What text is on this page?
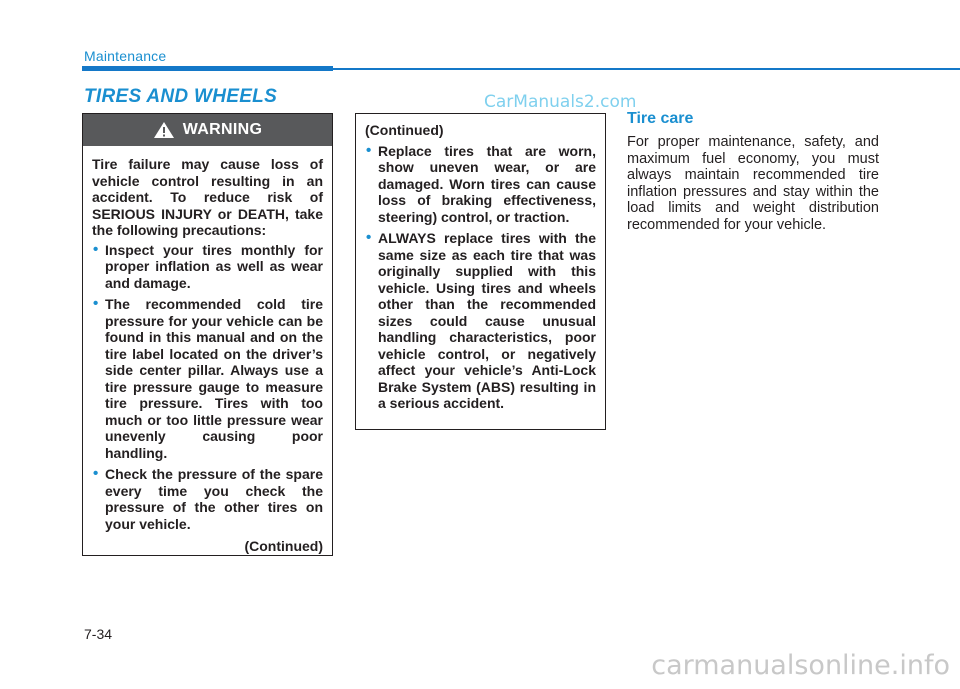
Maintenance
TIRES AND WHEELS	CarManuals2.com
WARNING

Tire failure may cause loss of vehicle control resulting in an accident. To reduce risk of SERIOUS INJURY or DEATH, take the following precautions:

• Inspect your tires monthly for proper inflation as well as wear and damage.
• The recommended cold tire pressure for your vehicle can be found in this manual and on the tire label located on the driver’s side center pillar. Always use a tire pressure gauge to measure tire pressure. Tires with too much or too little pressure wear unevenly causing poor handling.
• Check the pressure of the spare every time you check the pressure of the other tires on your vehicle.
(Continued)
(Continued)
• Replace tires that are worn, show uneven wear, or are damaged. Worn tires can cause loss of braking effectiveness, steering) control, or traction.
• ALWAYS replace tires with the same size as each tire that was originally supplied with this vehicle. Using tires and wheels other than the recommended sizes could cause unusual handling characteristics, poor vehicle control, or negatively affect your vehicle’s Anti-Lock Brake System (ABS) resulting in a serious accident.
Tire care
For proper maintenance, safety, and maximum fuel economy, you must always maintain recommended tire inflation pressures and stay within the load limits and weight distribution recommended for your vehicle.
7-34
carmanualsonline.info
